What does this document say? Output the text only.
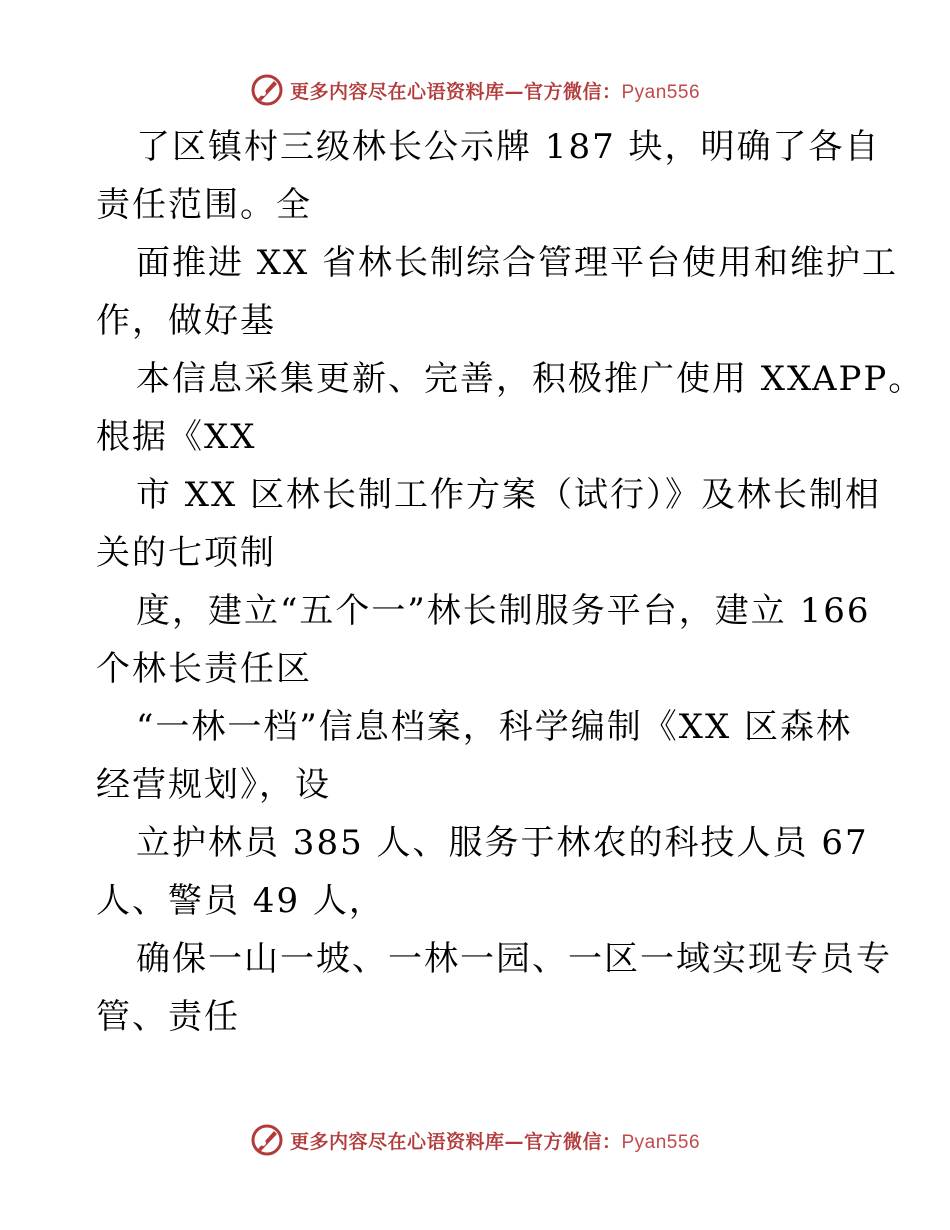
更多内容尽在心语资料库—官方微信：Pyan556
了区镇村三级林长公示牌 187 块，明确了各自
责任范围。全
面推进 XX 省林长制综合管理平台使用和维护工
作，做好基
本信息采集更新、完善，积极推广使用 XXAPP。
根据《XX
市 XX 区林长制工作方案（试行）》及林长制相
关的七项制
度，建立“五个一”林长制服务平台，建立 166
个林长责任区
“一林一档”信息档案，科学编制《XX 区森林
经营规划》，设
立护林员 385 人、服务于林农的科技人员 67
人、警员 49 人，
确保一山一坡、一林一园、一区一域实现专员专
管、责任
更多内容尽在心语资料库—官方微信：Pyan556
